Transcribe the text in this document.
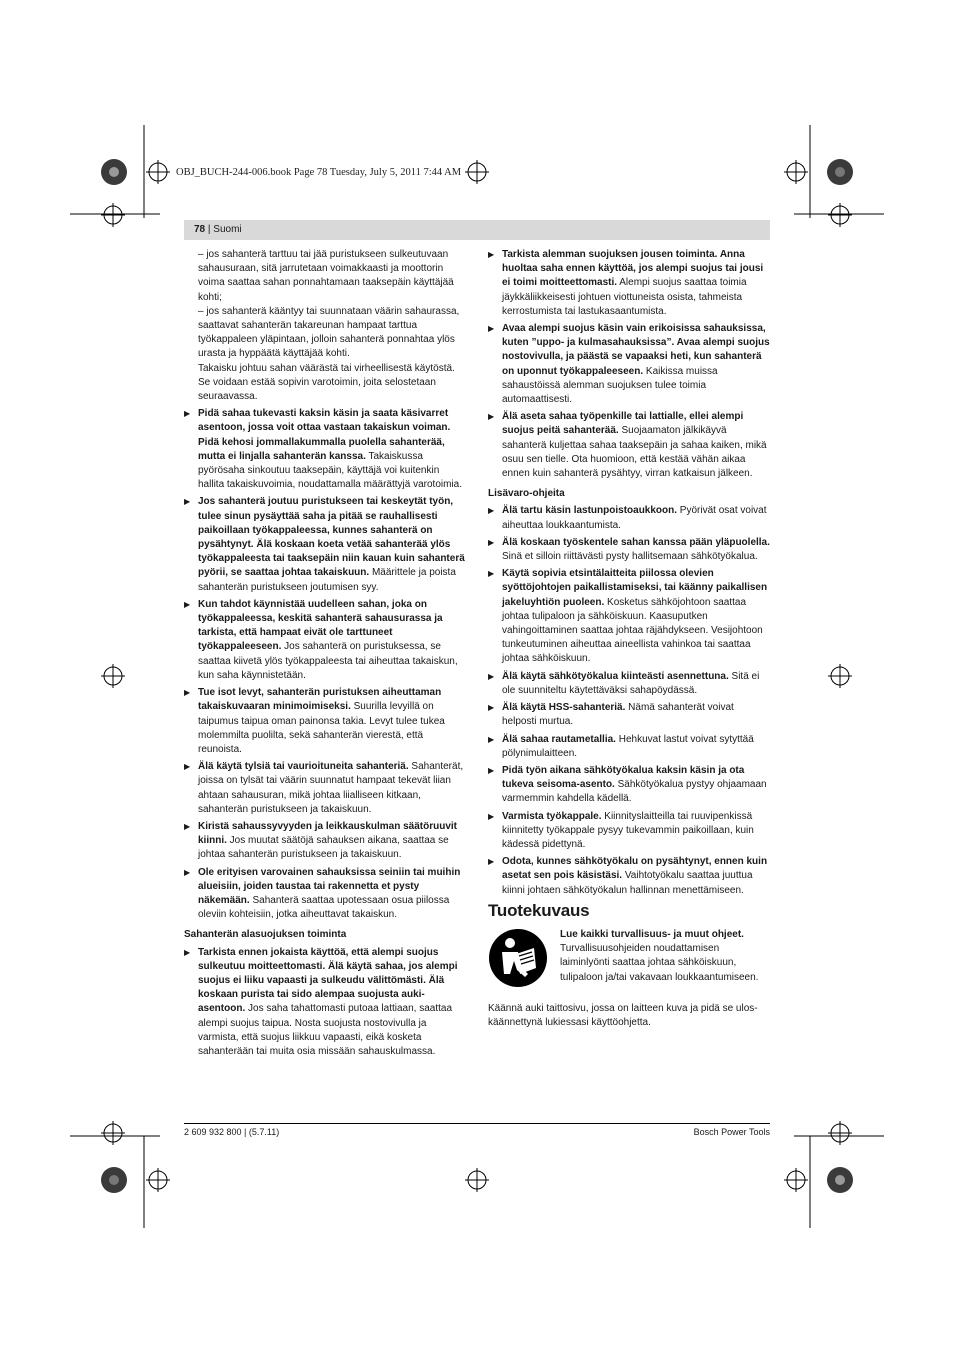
OBJ_BUCH-244-006.book Page 78 Tuesday, July 5, 2011 7:44 AM
78 | Suomi

– jos sahanterä tarttuu tai jää puristukseen sulkeutuvaan sahausuraan, sitä jarrutetaan voimakkaasti ja moottorin voima saattaa sahan ponnahtamaan taaksepäin käyttäjää kohti;

– jos sahanterä kääntyy tai suunnataan väärin sahaurassa, saattavat sahanterän takareunan hampaat tarttua työkappaleen yläpintaan, jolloin sahanterä ponnahtaa ylös urasta ja hyppäätä käyttäjää kohti.

Takaisku johtuu sahan väärästä tai virheellisestä käytöstä. Se voidaan estää sopivin varotoimin, joita selostetaan seuraavassa.

▶ Pidä sahaa tukevasti kaksin käsin ja saata käsivarret asentoon, jossa voit ottaa vastaan takaiskun voiman. Pidä kehosi jommallakummalla puolella sahanterää, mutta ei linjalla sahanterän kanssa. Takaiskussa pyörösaha sinkoutuu taaksepäin, käyttäjä voi kuitenkin hallita takaiskuvoimia, noudattamalla määrättyjä varotoimia.
▶ Jos sahanterä joutuu puristukseen tai keskeytät työn, tulee sinun pysäyttää saha ja pitää se rauhallisesti paikoillaan työkappaleessa, kunnes sahanterä on pysähtynyt. Älä koskaan koeta vetää sahanterää ylös työkappaleesta tai taaksepäin niin kauan kuin sahanterä pyörii, se saattaa johtaa takaiskuun. Määrittele ja poista sahanterän puristukseen joutumisen syy.
▶ Kun tahdot käynnistää uudelleen sahan, joka on työkappaleessa, keskitä sahanterä sahausurassa ja tarkista, että hampaat eivät ole tarttuneet työkappaleeseen. Jos sahanterä on puristuksessa, se saattaa kiivetä ylös työkappaleesta tai aiheuttaa takaiskun, kun saha käynnistetään.
▶ Tue isot levyt, sahanterän puristuksen aiheuttaman takaiskuvaaran minimoimiseksi. Suurilla levyillä on taipumus taipua oman painonsa takia. Levyt tulee tukea molemmilta puolilta, sekä sahanterän vierestä, että reunoista.
▶ Älä käytä tylsiä tai vaurioituneita sahanteriä. Sahanterät, joissa on tylsät tai väärin suunnatut hampaat tekevät liian ahtaan sahausuran, mikä johtaa liialliseen kitkaan, sahanterän puristukseen ja takaiskuun.
▶ Kiristä sahaussyvyyden ja leikkauskulman säätöruuvit kiinni. Jos muutat säätöjä sahauksen aikana, saattaa se johtaa sahanterän puristukseen ja takaiskuun.
▶ Ole erityisen varovainen sahauksissa seiniin tai muihin alueisiin, joiden taustaa tai rakennetta et pysty näkemään. Sahanterä saattaa upotessaan osua piilossa oleviin kohteisiin, jotka aiheuttavat takaiskun.

Sahanterän alasuojuksen toiminta

▶ Tarkista ennen jokaista käyttöä, että alempi suojus sulkeutuu moitteettomasti. Älä käytä sahaa, jos alempi suojus ei liiku vapaasti ja sulkeudu välittömästi. Älä koskaan purista tai sido alempaa suojusta auki-asentoon. Jos saha tahattomasti putoaa lattiaan, saattaa alempi suojus taipua. Nosta suojusta nostovivulla ja varmista, että suojus liikkuu vapaasti, eikä kosketa sahanterään tai muita osia missään sahauskulmassa.
▶ Tarkista alemman suojuksen jousen toiminta. Anna huoltaa saha ennen käyttöä, jos alempi suojus tai jousi ei toimi moitteettomasti. Alempi suojus saattaa toimia jäykkäliikkeisesti johtuen viottuneista osista, tahmeista kerrostumista tai lastukasaantumista.
▶ Avaa alempi suojus käsin vain erikoisissa sahauksissa, kuten ”uppo- ja kulmasahauksissa”. Avaa alempi suojus nostovivulla, ja päästä se vapaaksi heti, kun sahanterä on uponnut työkappaleeseen. Kaikissa muissa sahaustöissä alemman suojuksen tulee toimia automaattisesti.
▶ Älä aseta sahaa työpenkille tai lattialle, ellei alempi suojus peitä sahanterää. Suojaamaton jälkikäyvä sahanterä kuljettaa sahaa taaksepäin ja sahaa kaiken, mikä osuu sen tielle. Ota huomioon, että kestää vähän aikaa ennen kuin sahanterä pysähtyy, virran katkaisun jälkeen.

Lisävaro-ohjeita

▶ Älä tartu käsin lastunpoistoaukkoon. Pyörivät osat voivat aiheuttaa loukkaantumista.
▶ Älä koskaan työskentele sahan kanssa pään yläpuolella. Sinä et silloin riittävästi pysty hallitsemaan sähkötyökalua.
▶ Käytä sopivia etsintälaitteita piilossa olevien syöttöjohtojen paikallistamiseksi, tai käänny paikallisen jakeluyhtiön puoleen. Kosketus sähköjohtoon saattaa johtaa tulipaloon ja sähköiskuun. Kaasuputken vahingoittaminen saattaa johtaa räjähdykseen. Vesijohtoon tunkeutuminen aiheuttaa aineellista vahinkoa tai saattaa johtaa sähköiskuun.
▶ Älä käytä sähkötyökalua kiinteästi asennettuna. Sitä ei ole suunniteltu käytettäväksi sahapöydässä.
▶ Älä käytä HSS-sahanteriä. Nämä sahanterät voivat helposti murtua.
▶ Älä sahaa rautametallia. Hehkuvat lastut voivat sytyttää pölynimulaitteen.
▶ Pidä työn aikana sähkötyökalua kaksin käsin ja ota tukeva seisoma-asento. Sähkötyökalua pystyy ohjaamaan varmemmin kahdella kädellä.
▶ Varmista työkappale. Kiinnityslaitteilla tai ruuvipenkissä kiinnitetty työkappale pysyy tukevammin paikoillaan, kuin kädessä pidettynä.
▶ Odota, kunnes sähkötyökalu on pysähtynyt, ennen kuin asetat sen pois käsistäsi. Vaihtotyökalu saattaa juuttua kiinni johtaen sähkötyökalun hallinnan menettämiseen.
Tuotekuvaus
Lue kaikki turvallisuus- ja muut ohjeet. Turvallisuusohjeiden noudattamisen laiminlyönti saattaa johtaa sähköiskuun, tulipaloon ja/tai vakavaan loukkaantumiseen.

Käännä auki taittosivu, jossa on laitteen kuva ja pidä se ulos-käännettynä lukiessasi käyttöohjetta.

2 609 932 800 | (5.7.11)	Bosch Power Tools
